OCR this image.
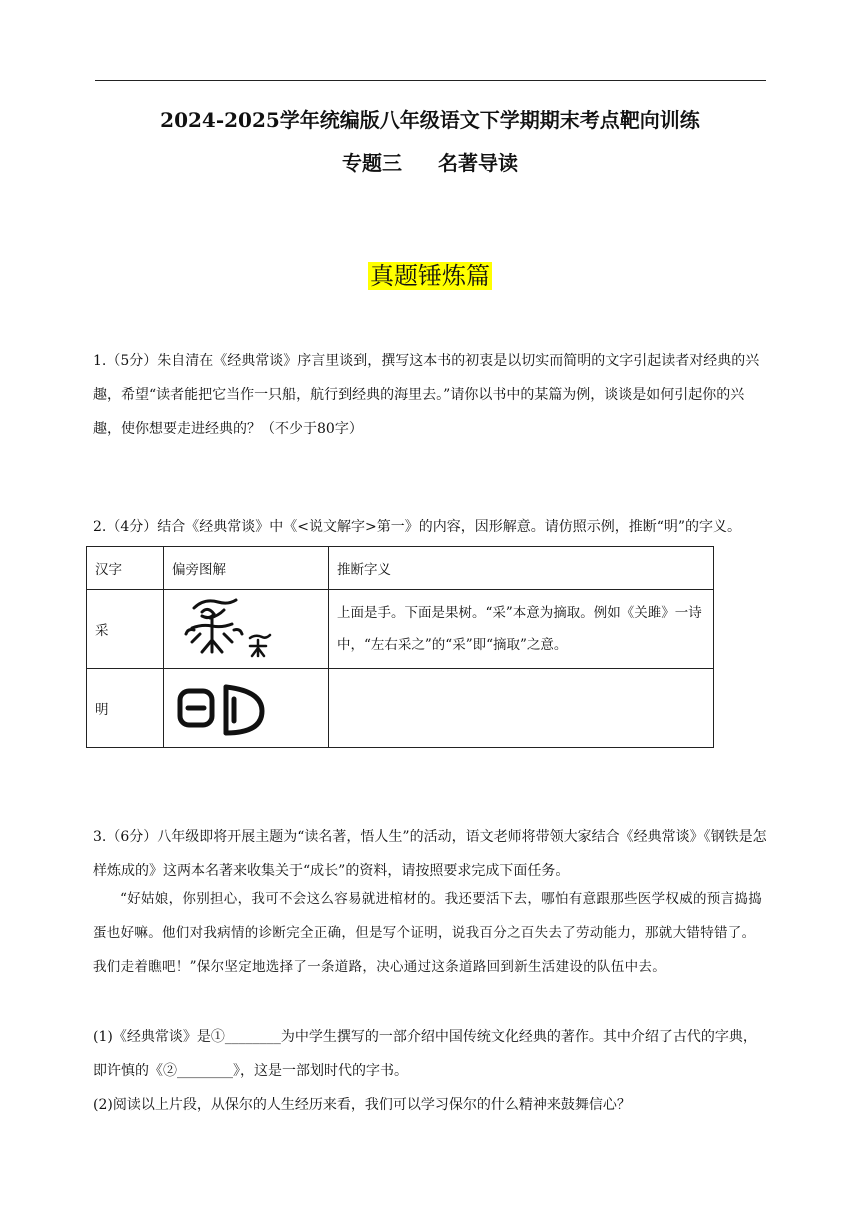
2024-2025学年统编版八年级语文下学期期末考点靶向训练
专题三 名著导读
真题锤炼篇
1.（5分）朱自清在《经典常谈》序言里谈到，撰写这本书的初衷是以切实而简明的文字引起读者对经典的兴趣，希望“读者能把它当作一只船，航行到经典的海里去。”请你以书中的某篇为例，谈谈是如何引起你的兴趣，使你想要走进经典的？（不少于80字）
2.（4分）结合《经典常谈》中《<说文解字>第一》的内容，因形解意。请仿照示例，推断“明”的字义。
汉字	偏旁图解	推断字义
采		上面是手。下面是果树。“采”本意为摘取。例如《关雎》一诗中，“左右采之”的“采”即“摘取”之意。
明	

3.（6分）八年级即将开展主题为“读名著，悟人生”的活动，语文老师将带领大家结合《经典常谈》《钢铁是怎样炼成的》这两本名著来收集关于“成长”的资料，请按照要求完成下面任务。
“好姑娘，你别担心，我可不会这么容易就进棺材的。我还要活下去，哪怕有意跟那些医学权威的预言捣捣蛋也好嘛。他们对我病情的诊断完全正确，但是写个证明，说我百分之百失去了劳动能力，那就大错特错了。我们走着瞧吧！”保尔坚定地选择了一条道路，决心通过这条道路回到新生活建设的队伍中去。
(1)《经典常谈》是①________为中学生撰写的一部介绍中国传统文化经典的著作。其中介绍了古代的字典，即许慎的《②________》，这是一部划时代的字书。
(2)阅读以上片段，从保尔的人生经历来看，我们可以学习保尔的什么精神来鼓舞信心？
